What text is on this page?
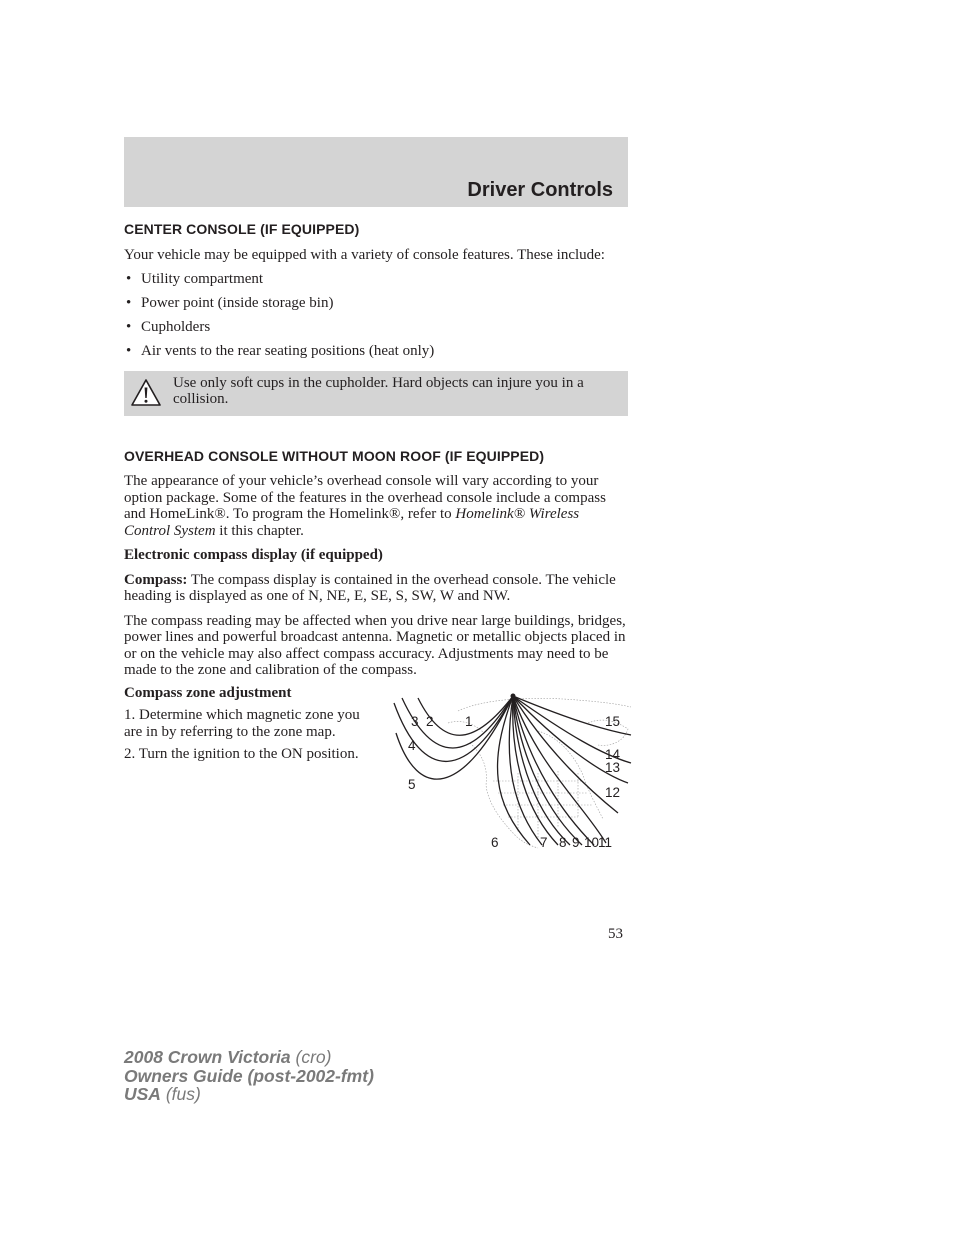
Driver Controls
CENTER CONSOLE (IF EQUIPPED)

Your vehicle may be equipped with a variety of console features. These include:

• Utility compartment
• Power point (inside storage bin)
• Cupholders
• Air vents to the rear seating positions (heat only)
Use only soft cups in the cupholder. Hard objects can injure you in a collision.
OVERHEAD CONSOLE WITHOUT MOON ROOF (IF EQUIPPED)

The appearance of your vehicle’s overhead console will vary according to your option package. Some of the features in the overhead console include a compass and HomeLink®. To program the Homelink®, refer to Homelink® Wireless Control System it this chapter.

Electronic compass display (if equipped)

Compass: The compass display is contained in the overhead console. The vehicle heading is displayed as one of N, NE, E, SE, S, SW, W and NW.

The compass reading may be affected when you drive near large buildings, bridges, power lines and powerful broadcast antenna. Magnetic or metallic objects placed in or on the vehicle may also affect compass accuracy. Adjustments may need to be made to the zone and calibration of the compass.

Compass zone adjustment

1. Determine which magnetic zone you are in by referring to the zone map.

2. Turn the ignition to the ON position.

1
2
3
4
5
6	7 8 9 10
11
12
13
14
15
53
2008 Crown Victoria (cro)
Owners Guide (post-2002-fmt)
USA (fus)
